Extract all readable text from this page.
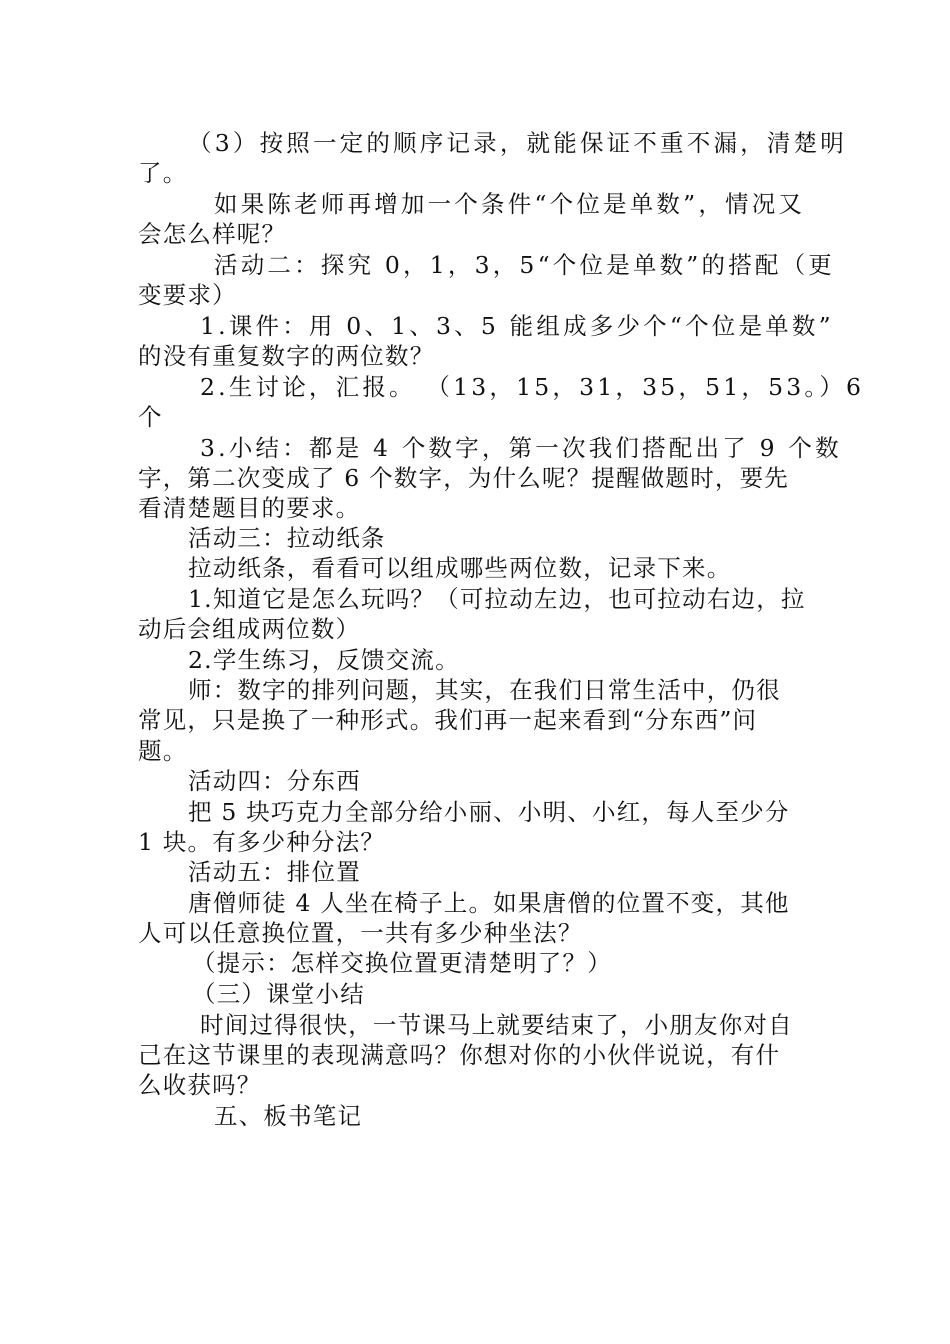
（3）按照一定的顺序记录，就能保证不重不漏，清楚明
了。
如果陈老师再增加一个条件“个位是单数”，情况又
会怎么样呢？
活动二：探究 0，1，3，5“个位是单数”的搭配（更
变要求）
1.课件：用 0、1、3、5 能组成多少个“个位是单数”
的没有重复数字的两位数？
2.生讨论，汇报。 （13，15，31，35，51，53。）6
个
3.小结：都是 4 个数字，第一次我们搭配出了 9 个数
字，第二次变成了 6 个数字，为什么呢？提醒做题时，要先
看清楚题目的要求。
活动三：拉动纸条
拉动纸条，看看可以组成哪些两位数，记录下来。
1.知道它是怎么玩吗？（可拉动左边，也可拉动右边，拉
动后会组成两位数）
2.学生练习，反馈交流。
师：数字的排列问题，其实，在我们日常生活中，仍很
常见，只是换了一种形式。我们再一起来看到“分东西”问
题。
活动四：分东西
把 5 块巧克力全部分给小丽、小明、小红，每人至少分
1 块。有多少种分法？
活动五：排位置
唐僧师徒 4 人坐在椅子上。如果唐僧的位置不变，其他
人可以任意换位置，一共有多少种坐法？
（提示：怎样交换位置更清楚明了？）
（三）课堂小结
时间过得很快，一节课马上就要结束了，小朋友你对自
己在这节课里的表现满意吗？你想对你的小伙伴说说，有什
么收获吗？
五、板书笔记
